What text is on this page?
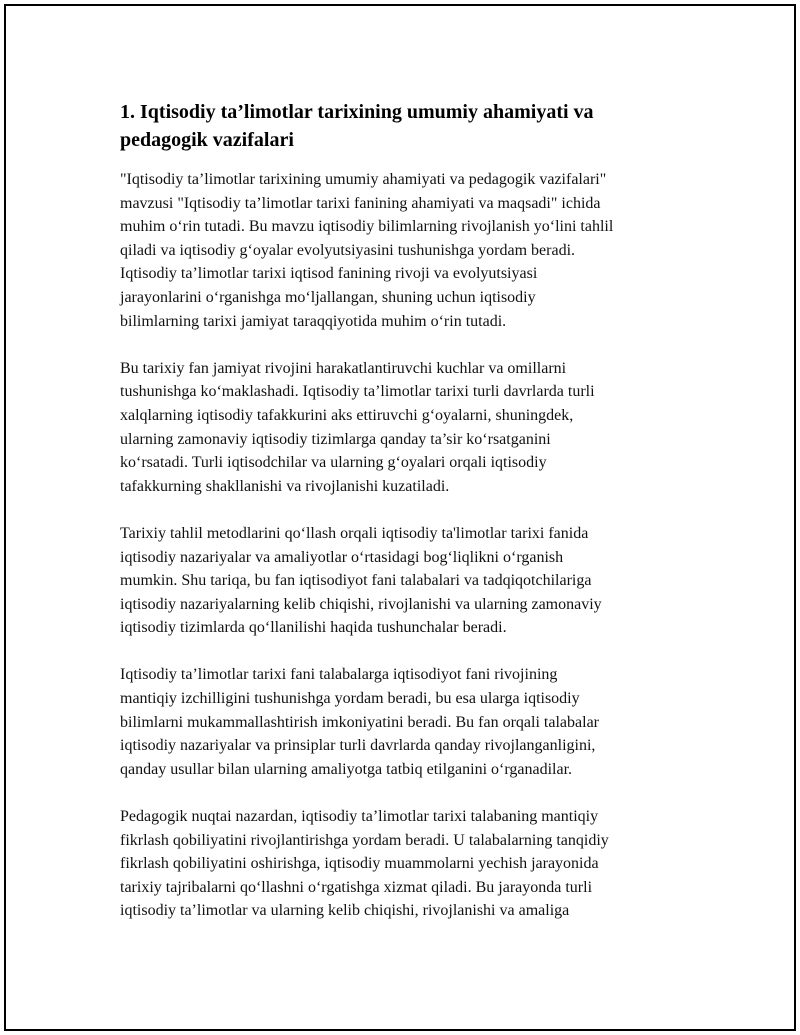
1. Iqtisodiy ta’limotlar tarixining umumiy ahamiyati va
pedagogik vazifalari

"Iqtisodiy ta’limotlar tarixining umumiy ahamiyati va pedagogik vazifalari"
mavzusi "Iqtisodiy ta’limotlar tarixi fanining ahamiyati va maqsadi" ichida
muhim o‘rin tutadi. Bu mavzu iqtisodiy bilimlarning rivojlanish yo‘lini tahlil
qiladi va iqtisodiy g‘oyalar evolyutsiyasini tushunishga yordam beradi.
Iqtisodiy ta’limotlar tarixi iqtisod fanining rivoji va evolyutsiyasi
jarayonlarini o‘rganishga mo‘ljallangan, shuning uchun iqtisodiy
bilimlarning tarixi jamiyat taraqqiyotida muhim o‘rin tutadi.

Bu tarixiy fan jamiyat rivojini harakatlantiruvchi kuchlar va omillarni
tushunishga ko‘maklashadi. Iqtisodiy ta’limotlar tarixi turli davrlarda turli
xalqlarning iqtisodiy tafakkurini aks ettiruvchi g‘oyalarni, shuningdek,
ularning zamonaviy iqtisodiy tizimlarga qanday ta’sir ko‘rsatganini
ko‘rsatadi. Turli iqtisodchilar va ularning g‘oyalari orqali iqtisodiy
tafakkurning shakllanishi va rivojlanishi kuzatiladi.

Tarixiy tahlil metodlarini qo‘llash orqali iqtisodiy ta'limotlar tarixi fanida
iqtisodiy nazariyalar va amaliyotlar o‘rtasidagi bog‘liqlikni o‘rganish
mumkin. Shu tariqa, bu fan iqtisodiyot fani talabalari va tadqiqotchilariga
iqtisodiy nazariyalarning kelib chiqishi, rivojlanishi va ularning zamonaviy
iqtisodiy tizimlarda qo‘llanilishi haqida tushunchalar beradi.

Iqtisodiy ta’limotlar tarixi fani talabalarga iqtisodiyot fani rivojining
mantiqiy izchilligini tushunishga yordam beradi, bu esa ularga iqtisodiy
bilimlarni mukammallashtirish imkoniyatini beradi. Bu fan orqali talabalar
iqtisodiy nazariyalar va prinsiplar turli davrlarda qanday rivojlanganligini,
qanday usullar bilan ularning amaliyotga tatbiq etilganini o‘rganadilar.

Pedagogik nuqtai nazardan, iqtisodiy ta’limotlar tarixi talabaning mantiqiy
fikrlash qobiliyatini rivojlantirishga yordam beradi. U talabalarning tanqidiy
fikrlash qobiliyatini oshirishga, iqtisodiy muammolarni yechish jarayonida
tarixiy tajribalarni qo‘llashni o‘rgatishga xizmat qiladi. Bu jarayonda turli
iqtisodiy ta’limotlar va ularning kelib chiqishi, rivojlanishi va amaliga
